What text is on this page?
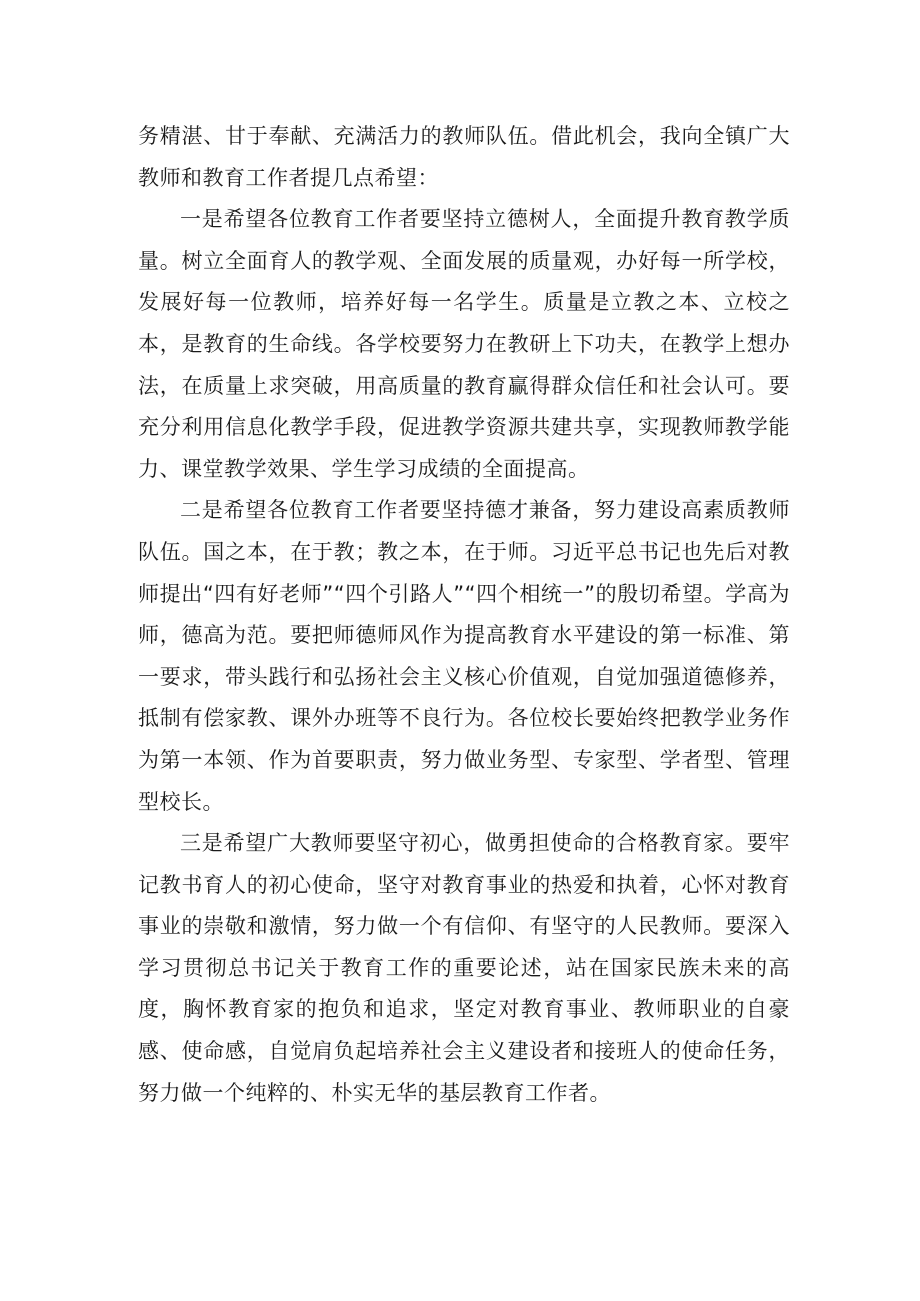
务精湛、甘于奉献、充满活力的教师队伍。借此机会，我向全镇广大教师和教育工作者提几点希望：

一是希望各位教育工作者要坚持立德树人，全面提升教育教学质量。树立全面育人的教学观、全面发展的质量观，办好每一所学校，发展好每一位教师，培养好每一名学生。质量是立教之本、立校之本，是教育的生命线。各学校要努力在教研上下功夫，在教学上想办法，在质量上求突破，用高质量的教育赢得群众信任和社会认可。要充分利用信息化教学手段，促进教学资源共建共享，实现教师教学能力、课堂教学效果、学生学习成绩的全面提高。

二是希望各位教育工作者要坚持德才兼备，努力建设高素质教师队伍。国之本，在于教；教之本，在于师。习近平总书记也先后对教师提出“四有好老师”“四个引路人”“四个相统一”的殷切希望。学高为师，德高为范。要把师德师风作为提高教育水平建设的第一标准、第一要求，带头践行和弘扬社会主义核心价值观，自觉加强道德修养，抵制有偿家教、课外办班等不良行为。各位校长要始终把教学业务作为第一本领、作为首要职责，努力做业务型、专家型、学者型、管理型校长。

三是希望广大教师要坚守初心，做勇担使命的合格教育家。要牢记教书育人的初心使命，坚守对教育事业的热爱和执着，心怀对教育事业的崇敬和激情，努力做一个有信仰、有坚守的人民教师。要深入学习贯彻总书记关于教育工作的重要论述，站在国家民族未来的高度，胸怀教育家的抱负和追求，坚定对教育事业、教师职业的自豪感、使命感，自觉肩负起培养社会主义建设者和接班人的使命任务，努力做一个纯粹的、朴实无华的基层教育工作者。
